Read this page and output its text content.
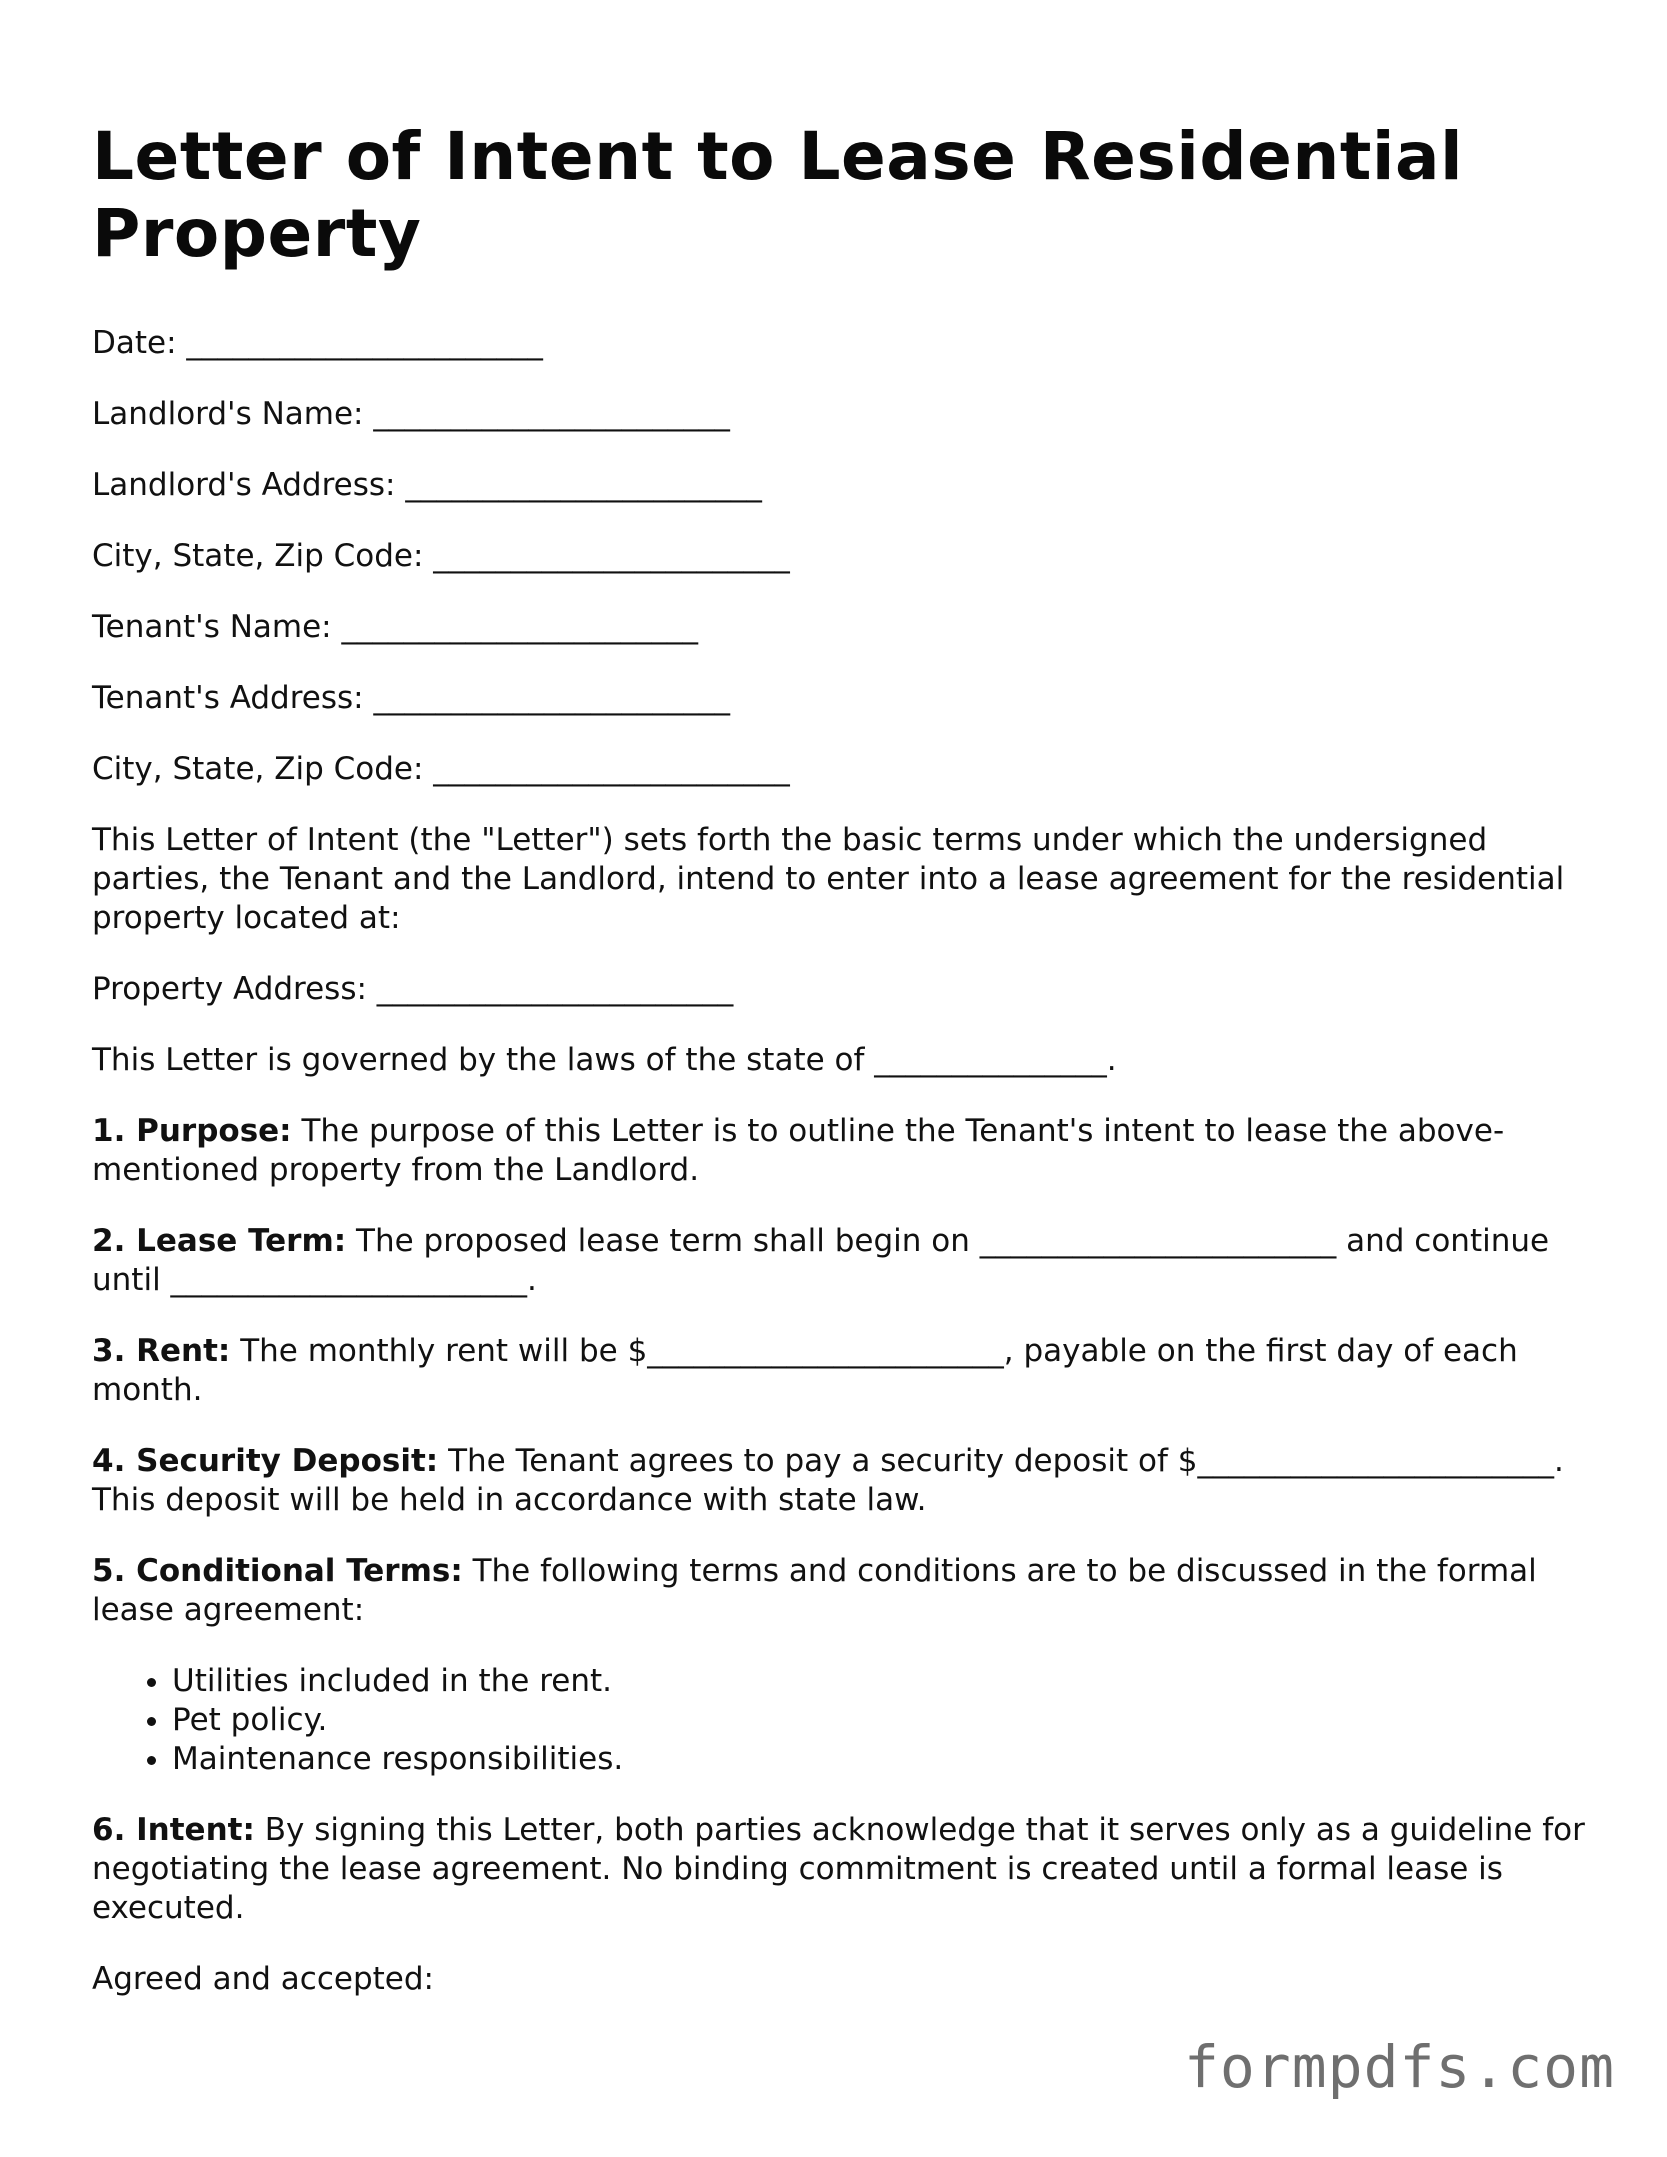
Letter of Intent to Lease Residential Property

Date: _______________________

Landlord's Name: _______________________

Landlord's Address: _______________________

City, State, Zip Code: _______________________

Tenant's Name: _______________________

Tenant's Address: _______________________

City, State, Zip Code: _______________________

This Letter of Intent (the "Letter") sets forth the basic terms under which the undersigned parties, the Tenant and the Landlord, intend to enter into a lease agreement for the residential property located at:

Property Address: _______________________

This Letter is governed by the laws of the state of _______________.

1. Purpose: The purpose of this Letter is to outline the Tenant's intent to lease the above-mentioned property from the Landlord.

2. Lease Term: The proposed lease term shall begin on _______________________ and continue until _______________________.

3. Rent: The monthly rent will be $_______________________, payable on the first day of each month.

4. Security Deposit: The Tenant agrees to pay a security deposit of $_______________________. This deposit will be held in accordance with state law.

5. Conditional Terms: The following terms and conditions are to be discussed in the formal lease agreement:

• Utilities included in the rent.
• Pet policy.
• Maintenance responsibilities.

6. Intent: By signing this Letter, both parties acknowledge that it serves only as a guideline for negotiating the lease agreement. No binding commitment is created until a formal lease is executed.

Agreed and accepted:

formpdfs.com
